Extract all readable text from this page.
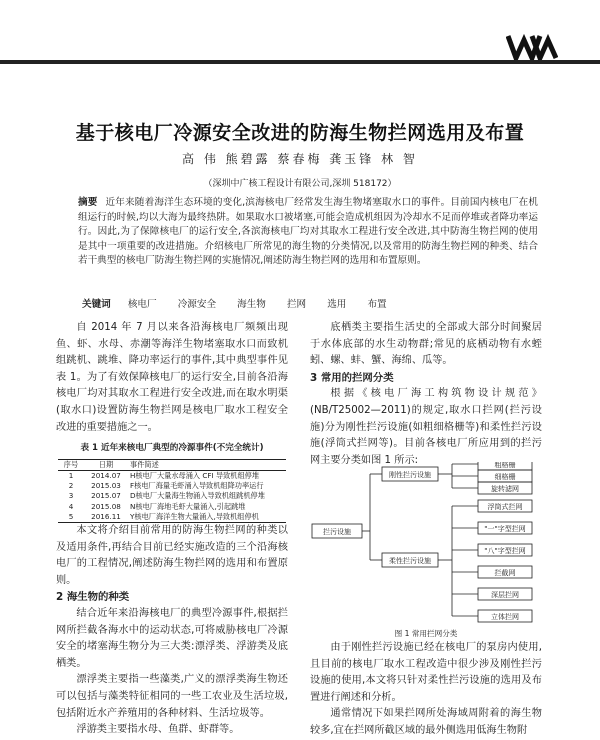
基于核电厂冷源安全改进的防海生物拦网选用及布置
高 伟 熊碧露 蔡春梅 龚玉锋 林 智
（深圳中广核工程设计有限公司,深圳 518172）
摘要 近年来随着海洋生态环境的变化,滨海核电厂经常发生海生物堵塞取水口的事件。目前国内核电厂在机组运行的时候,均以大海为最终热阱。如果取水口被堵塞,可能会造成机组因为冷却水不足而停堆或者降功率运行。因此,为了保障核电厂的运行安全,各滨海核电厂均对其取水工程进行安全改进,其中防海生物拦网的使用是其中一项重要的改进措施。介绍核电厂所常见的海生物的分类情况,以及常用的防海生物拦网的种类、结合若干典型的核电厂防海生物拦网的实施情况,阐述防海生物拦网的选用和布置原则。
关键词 核电厂 冷源安全 海生物 拦网 选用 布置

自 2014 年 7 月以来各沿海核电厂频频出现鱼、虾、水母、赤潮等海洋生物堵塞取水口而致机组跳机、跳堆、降功率运行的事件,其中典型事件见表 1。为了有效保障核电厂的运行安全,目前各沿海核电厂均对其取水工程进行安全改进,而在取水明渠(取水口)设置防海生物拦网是核电厂取水工程安全改进的重要措施之一。

表 1 近年来核电厂典型的冷源事件(不完全统计)
序号	日期	事件简述
1	2014.07	H核电厂大量水母涌入 CFI 导致机组停堆
2	2015.03	F核电厂海量毛虾涌入导致机组降功率运行
3	2015.07	D核电厂大量海生物涌入导致机组跳机停堆
4	2015.08	N核电厂海地毛虾大量涌入,引起跳堆
5	2016.11	Y核电厂海洋生物大量涌入,导致机组停机

本文将介绍目前常用的防海生物拦网的种类以及适用条件,再结合目前已经实施改造的三个沿海核电厂的工程情况,阐述防海生物拦网的选用和布置原则。

2 海生物的种类

结合近年来沿海核电厂的典型冷源事件,根据拦网所拦截各海水中的运动状态,可将威胁核电厂冷源安全的堵塞海生物分为三大类:漂浮类、浮游类及底栖类。

漂浮类主要指一些藻类,广义的漂浮类海生物还可以包括与藻类特征相同的一些工农业及生活垃圾,包括附近水产养殖用的各种材料、生活垃圾等。

浮游类主要指水母、鱼群、虾群等。

底栖类主要指生活史的全部或大部分时间聚居于水体底部的水生动物群;常见的底栖动物有水蛭蚓、螺、蚌、蟹、海绵、瓜等。

3 常用的拦网分类

根据《核电厂海工构筑物设计规范》(NB/T25002—2011)的规定,取水口拦网(拦污设施)分为刚性拦污设施(如粗细格栅等)和柔性拦污设施(浮筒式拦网等)。目前各核电厂所应用到的拦污网主要分类如图 1 所示:

拦污设施
刚性拦污设施
柔性拦污设施
粗格栅
细格栅
旋转滤网
浮筒式拦网
"一"字型拦网
"八"字型拦网
拦截网
深层拦网
立体拦网
图 1 常用拦网分类

由于刚性拦污设施已经在核电厂的泵房内使用,且目前的核电厂取水工程改造中很少涉及刚性拦污设施的使用,本文将只针对柔性拦污设施的选用及布置进行阐述和分析。

通常情况下如果拦网所处海域周附着的海生物较多,宜在拦网所截区域的最外侧选用低海生物附
